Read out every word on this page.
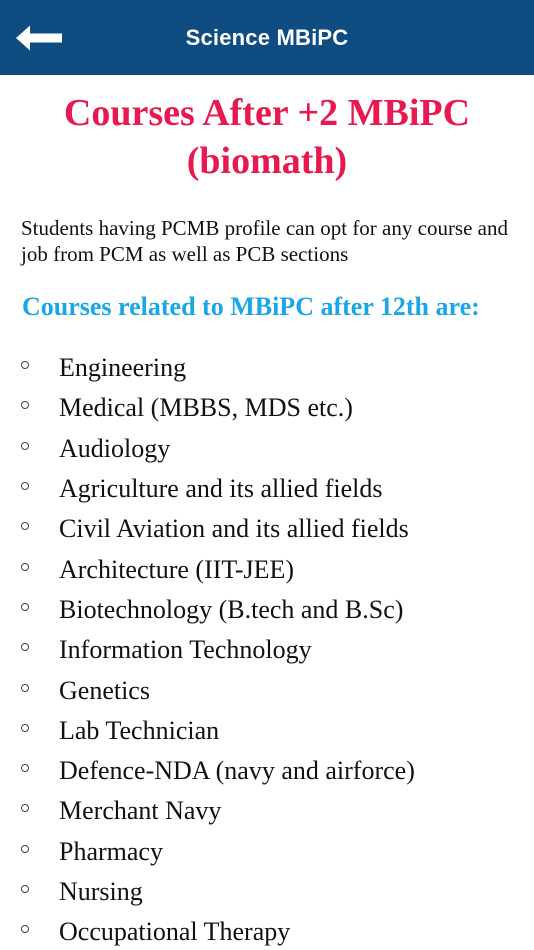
Science MBiPC
Courses After +2 MBiPC (biomath)
Students having PCMB profile can opt for any course and job from PCM as well as PCB sections
Courses related to MBiPC after 12th are:
Engineering
Medical (MBBS, MDS etc.)
Audiology
Agriculture and its allied fields
Civil Aviation and its allied fields
Architecture (IIT-JEE)
Biotechnology (B.tech and B.Sc)
Information Technology
Genetics
Lab Technician
Defence-NDA (navy and airforce)
Merchant Navy
Pharmacy
Nursing
Occupational Therapy
